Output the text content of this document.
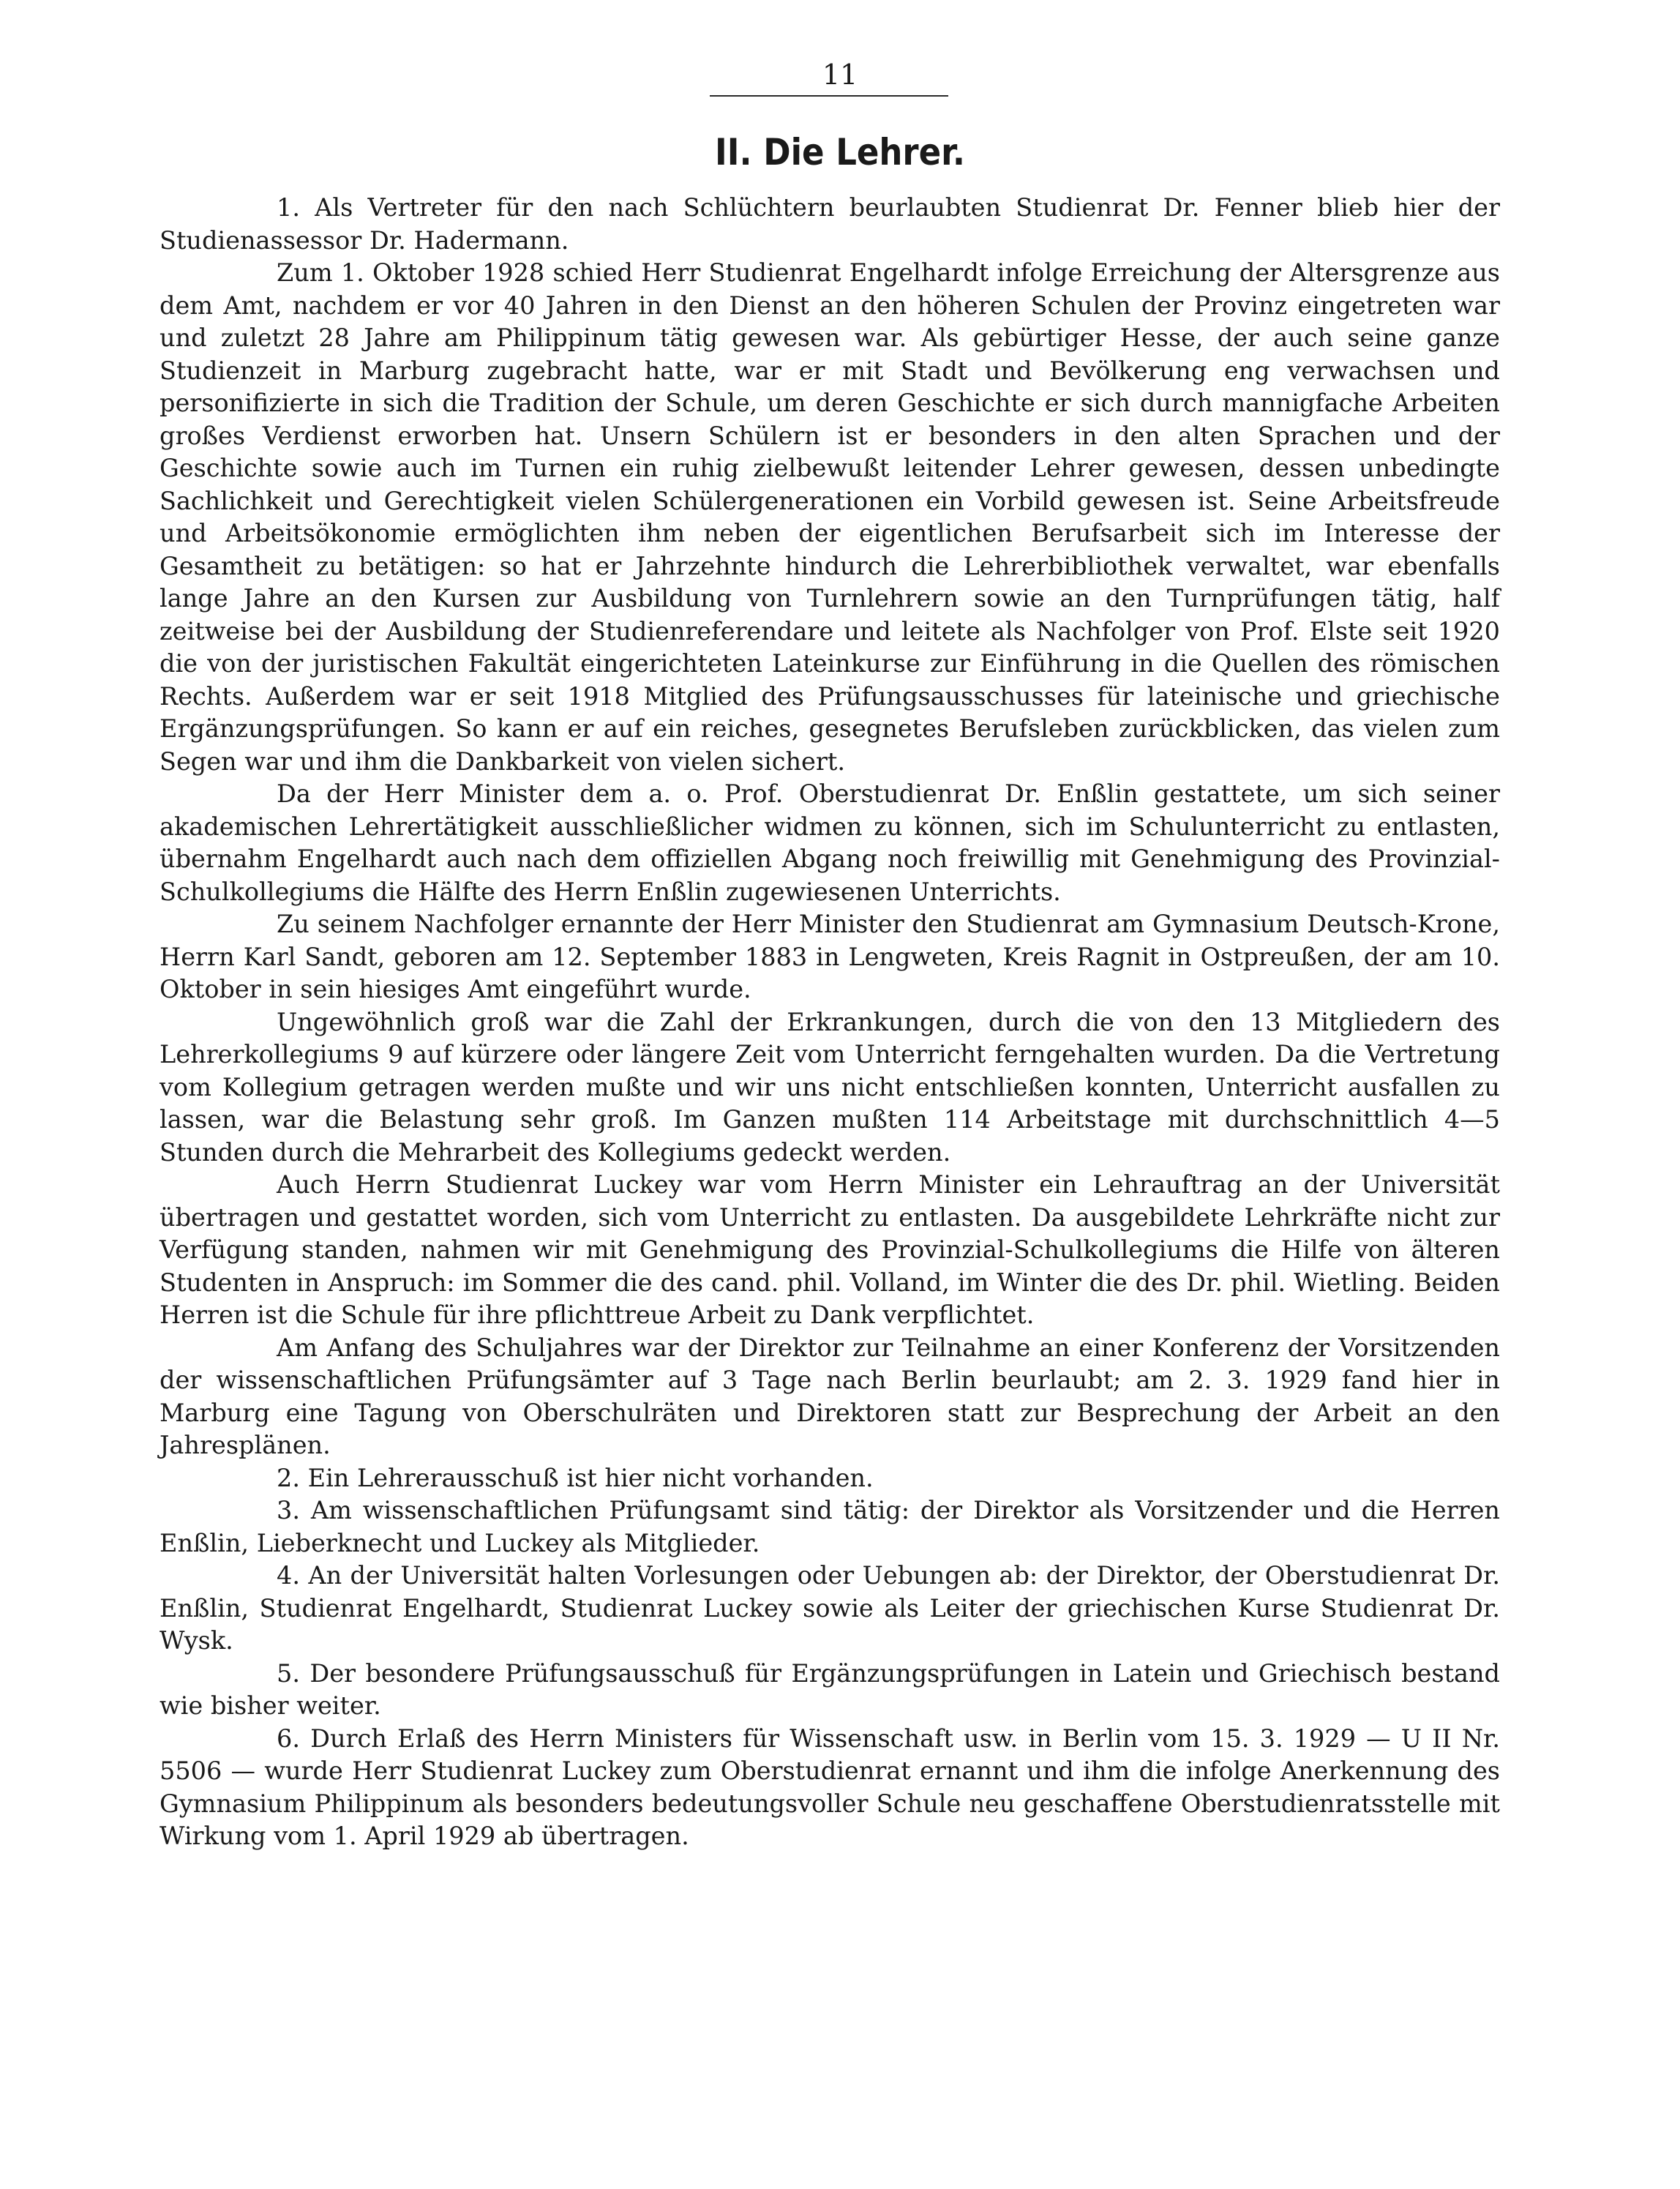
11
II. Die Lehrer.

1. Als Vertreter für den nach Schlüchtern beurlaubten Studienrat Dr. Fenner blieb hier der Studienassessor Dr. Hadermann.

Zum 1. Oktober 1928 schied Herr Studienrat Engelhardt infolge Erreichung der Altersgrenze aus dem Amt, nachdem er vor 40 Jahren in den Dienst an den höheren Schulen der Provinz eingetreten war und zuletzt 28 Jahre am Philippinum tätig gewesen war. Als gebürtiger Hesse, der auch seine ganze Studienzeit in Marburg zugebracht hatte, war er mit Stadt und Bevölkerung eng verwachsen und personifizierte in sich die Tradition der Schule, um deren Geschichte er sich durch mannigfache Arbeiten großes Verdienst erworben hat. Unsern Schülern ist er besonders in den alten Sprachen und der Geschichte sowie auch im Turnen ein ruhig zielbewußt leitender Lehrer gewesen, dessen unbedingte Sachlichkeit und Gerechtigkeit vielen Schülergenerationen ein Vorbild gewesen ist. Seine Arbeitsfreude und Arbeitsökonomie ermöglichten ihm neben der eigentlichen Berufsarbeit sich im Interesse der Gesamtheit zu betätigen: so hat er Jahrzehnte hindurch die Lehrerbibliothek verwaltet, war ebenfalls lange Jahre an den Kursen zur Ausbildung von Turnlehrern sowie an den Turnprüfungen tätig, half zeitweise bei der Ausbildung der Studienreferendare und leitete als Nachfolger von Prof. Elste seit 1920 die von der juristischen Fakultät eingerichteten Lateinkurse zur Einführung in die Quellen des römischen Rechts. Außerdem war er seit 1918 Mitglied des Prüfungsausschusses für lateinische und griechische Ergänzungsprüfungen. So kann er auf ein reiches, gesegnetes Berufsleben zurückblicken, das vielen zum Segen war und ihm die Dankbarkeit von vielen sichert.

Da der Herr Minister dem a. o. Prof. Oberstudienrat Dr. Enßlin gestattete, um sich seiner akademischen Lehrertätigkeit ausschließlicher widmen zu können, sich im Schulunterricht zu entlasten, übernahm Engelhardt auch nach dem offiziellen Abgang noch freiwillig mit Genehmigung des Provinzial-Schulkollegiums die Hälfte des Herrn Enßlin zugewiesenen Unterrichts.

Zu seinem Nachfolger ernannte der Herr Minister den Studienrat am Gymnasium Deutsch-Krone, Herrn Karl Sandt, geboren am 12. September 1883 in Lengweten, Kreis Ragnit in Ostpreußen, der am 10. Oktober in sein hiesiges Amt eingeführt wurde.

Ungewöhnlich groß war die Zahl der Erkrankungen, durch die von den 13 Mitgliedern des Lehrerkollegiums 9 auf kürzere oder längere Zeit vom Unterricht ferngehalten wurden. Da die Vertretung vom Kollegium getragen werden mußte und wir uns nicht entschließen konnten, Unterricht ausfallen zu lassen, war die Belastung sehr groß. Im Ganzen mußten 114 Arbeitstage mit durchschnittlich 4—5 Stunden durch die Mehrarbeit des Kollegiums gedeckt werden.

Auch Herrn Studienrat Luckey war vom Herrn Minister ein Lehrauftrag an der Universität übertragen und gestattet worden, sich vom Unterricht zu entlasten. Da ausgebildete Lehrkräfte nicht zur Verfügung standen, nahmen wir mit Genehmigung des Provinzial-Schulkollegiums die Hilfe von älteren Studenten in Anspruch: im Sommer die des cand. phil. Volland, im Winter die des Dr. phil. Wietling. Beiden Herren ist die Schule für ihre pflichttreue Arbeit zu Dank verpflichtet.

Am Anfang des Schuljahres war der Direktor zur Teilnahme an einer Konferenz der Vorsitzenden der wissenschaftlichen Prüfungsämter auf 3 Tage nach Berlin beurlaubt; am 2. 3. 1929 fand hier in Marburg eine Tagung von Oberschulräten und Direktoren statt zur Besprechung der Arbeit an den Jahresplänen.

2. Ein Lehrerausschuß ist hier nicht vorhanden.

3. Am wissenschaftlichen Prüfungsamt sind tätig: der Direktor als Vorsitzender und die Herren Enßlin, Lieberknecht und Luckey als Mitglieder.

4. An der Universität halten Vorlesungen oder Uebungen ab: der Direktor, der Oberstudienrat Dr. Enßlin, Studienrat Engelhardt, Studienrat Luckey sowie als Leiter der griechischen Kurse Studienrat Dr. Wysk.

5. Der besondere Prüfungsausschuß für Ergänzungsprüfungen in Latein und Griechisch bestand wie bisher weiter.

6. Durch Erlaß des Herrn Ministers für Wissenschaft usw. in Berlin vom 15. 3. 1929 — U II Nr. 5506 — wurde Herr Studienrat Luckey zum Oberstudienrat ernannt und ihm die infolge Anerkennung des Gymnasium Philippinum als besonders bedeutungsvoller Schule neu geschaffene Oberstudienratsstelle mit Wirkung vom 1. April 1929 ab übertragen.
